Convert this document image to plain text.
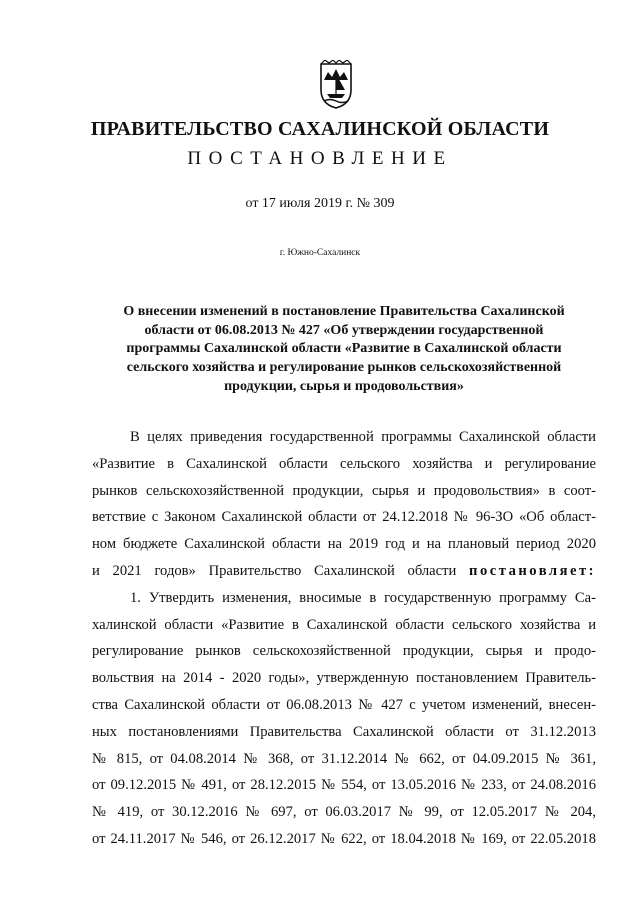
ПРАВИТЕЛЬСТВО САХАЛИНСКОЙ ОБЛАСТИ
ПОСТАНОВЛЕНИЕ
от 17 июля 2019 г. № 309
г. Южно-Сахалинск
О внесении изменений в постановление Правительства Сахалинской
области от 06.08.2013 № 427 «Об утверждении государственной
программы Сахалинской области «Развитие в Сахалинской области
сельского хозяйства и регулирование рынков сельскохозяйственной
продукции, сырья и продовольствия»
В целях приведения государственной программы Сахалинской области
«Развитие в Сахалинской области сельского хозяйства и регулирование
рынков сельскохозяйственной продукции, сырья и продовольствия» в соот-
ветствие с Законом Сахалинской области от 24.12.2018 № 96-ЗО «Об област-
ном бюджете Сахалинской области на 2019 год и на плановый период 2020
и 2021 годов» Правительство Сахалинской области постановляет:
1. Утвердить изменения, вносимые в государственную программу Са-
халинской области «Развитие в Сахалинской области сельского хозяйства и
регулирование рынков сельскохозяйственной продукции, сырья и продо-
вольствия на 2014 - 2020 годы», утвержденную постановлением Правитель-
ства Сахалинской области от 06.08.2013 № 427 с учетом изменений, внесен-
ных постановлениями Правительства Сахалинской области от 31.12.2013
№ 815, от 04.08.2014 № 368, от 31.12.2014 № 662, от 04.09.2015 № 361,
от 09.12.2015 № 491, от 28.12.2015 № 554, от 13.05.2016 № 233, от 24.08.2016
№ 419, от 30.12.2016 № 697, от 06.03.2017 № 99, от 12.05.2017 № 204,
от 24.11.2017 № 546, от 26.12.2017 № 622, от 18.04.2018 № 169, от 22.05.2018
